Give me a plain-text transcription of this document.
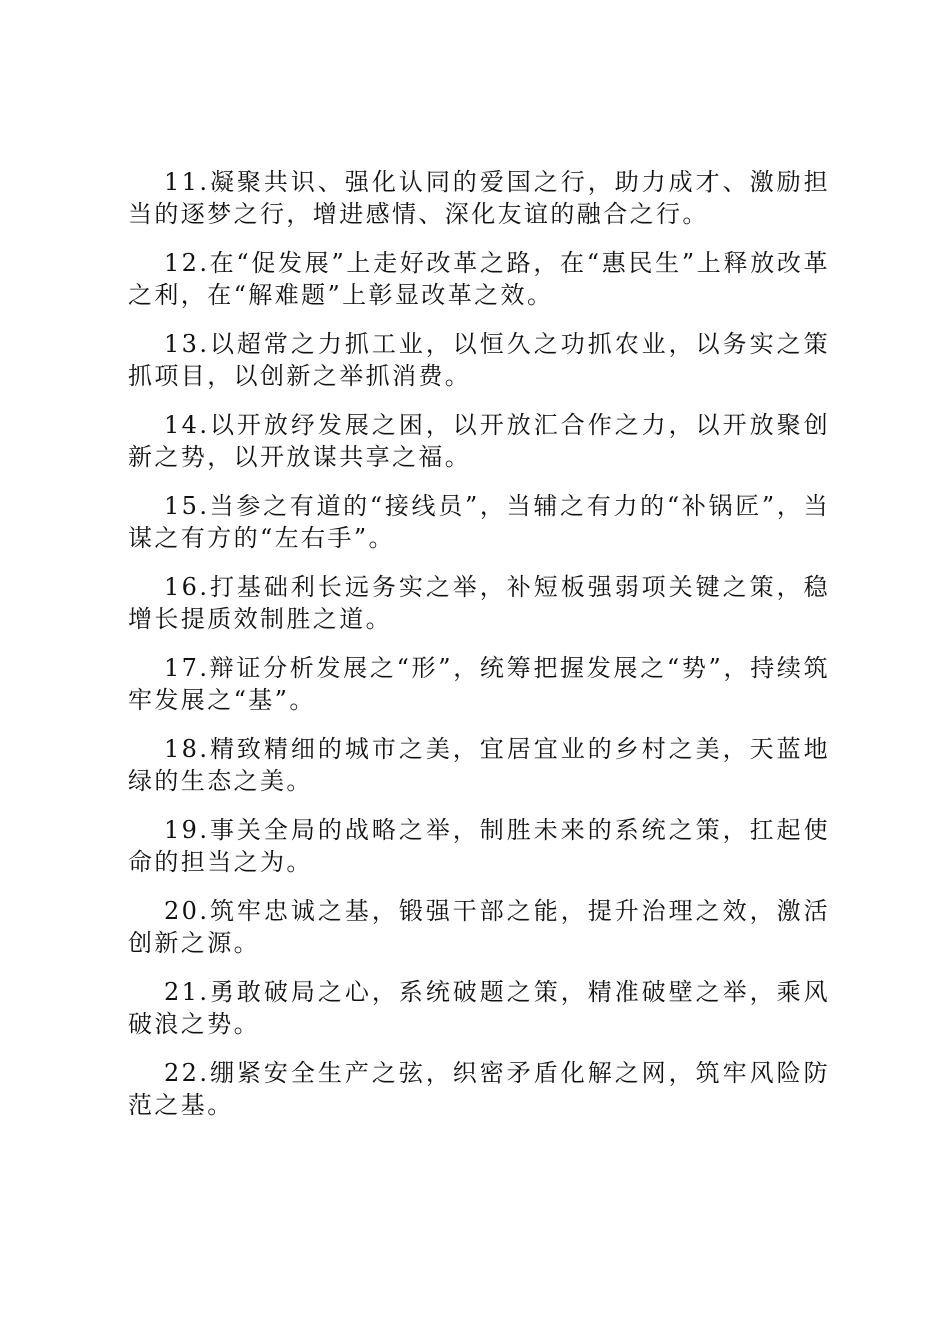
11.凝聚共识、强化认同的爱国之行，助力成才、激励担当的逐梦之行，增进感情、深化友谊的融合之行。

12.在“促发展”上走好改革之路，在“惠民生”上释放改革之利，在“解难题”上彰显改革之效。

13.以超常之力抓工业，以恒久之功抓农业，以务实之策抓项目，以创新之举抓消费。

14.以开放纾发展之困，以开放汇合作之力，以开放聚创新之势，以开放谋共享之福。

15.当参之有道的“接线员”，当辅之有力的“补锅匠”，当谋之有方的“左右手”。

16.打基础利长远务实之举，补短板强弱项关键之策，稳增长提质效制胜之道。

17.辩证分析发展之“形”，统筹把握发展之“势”，持续筑牢发展之“基”。

18.精致精细的城市之美，宜居宜业的乡村之美，天蓝地绿的生态之美。

19.事关全局的战略之举，制胜未来的系统之策，扛起使命的担当之为。

20.筑牢忠诚之基，锻强干部之能，提升治理之效，激活创新之源。

21.勇敢破局之心，系统破题之策，精准破壁之举，乘风破浪之势。

22.绷紧安全生产之弦，织密矛盾化解之网，筑牢风险防范之基。
